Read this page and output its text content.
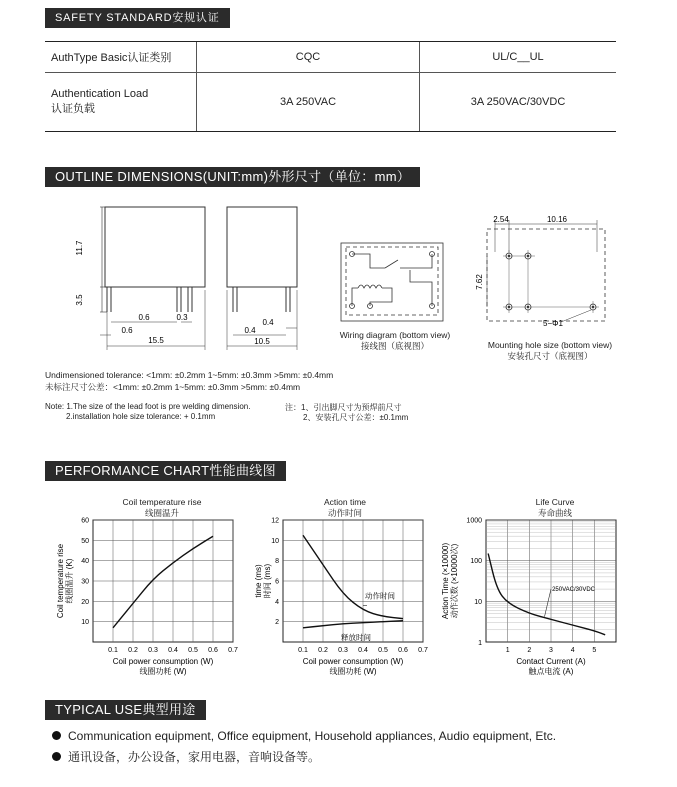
SAFETY STANDARD安规认证
AuthType Basic认证类别	CQC	UL/C__UL

Authentication Load
认证负载	3A 250VAC	3A 250VAC/30VDC
OUTLINE DIMENSIONS(UNIT:mm)外形尺寸（单位：mm）
11.7
3.5
0.6	0.3
0.6
15.5
0.4
0.4
10.5
Wiring diagram (bottom view)
接线图（底视图）
2.54	10.16
7.62
5−Φ1
Mounting hole size (bottom view)
安装孔尺寸（底视图）
Undimensioned tolerance: <1mm: ±0.2mm 1~5mm: ±0.3mm >5mm: ±0.4mm
未标注尺寸公差：<1mm: ±0.2mm 1~5mm: ±0.3mm >5mm: ±0.4mm
Note: 1.The size of the lead foot is pre welding dimension.
2.installation hole size tolerance: + 0.1mm
注：1、引出脚尺寸为预焊前尺寸
2、安装孔尺寸公差：±0.1mm
PERFORMANCE CHART性能曲线图
Coil temperature rise
线圈温升
Action time
动作时间
Life Curve
寿命曲线
0.1 0.2 0.3 0.4 0.5 0.6 0.7
10
20
30
40
50
60
Coil power consumption (W)
线圈功耗 (W)
Coil temperature rise 线圈温升 (K)
0.1 0.2 0.3 0.4 0.5 0.6 0.7
2
4
6
8
10
12
Coil power consumption (W)
线圈功耗 (W)
time (ms) 时间 (ms)	动作时间
释放时间
1	2	3	4	5
10
100
1000
1
Contact Current (A)
触点电流 (A)
Action Time (×10000) 动作次数 (×10000次)	250VAC/30VDC
TYPICAL USE典型用途
Communication equipment, Office equipment, Household appliances, Audio equipment, Etc.
通讯设备，办公设备，家用电器，音响设备等。
